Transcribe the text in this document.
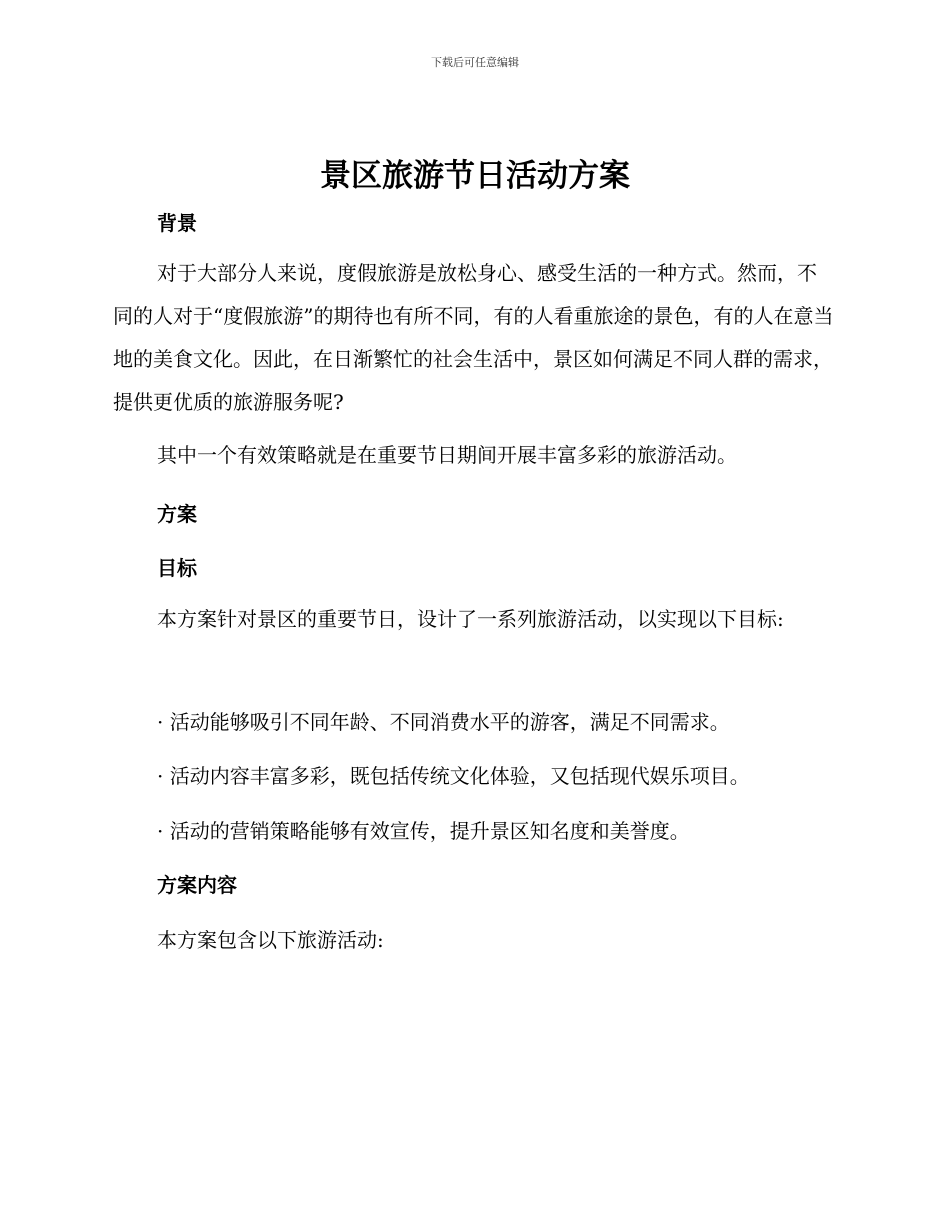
下载后可任意编辑
景区旅游节日活动方案
背景

对于大部分人来说，度假旅游是放松身心、感受生活的一种方式。然而，不同的人对于“度假旅游”的期待也有所不同，有的人看重旅途的景色，有的人在意当地的美食文化。因此，在日渐繁忙的社会生活中，景区如何满足不同人群的需求，提供更优质的旅游服务呢?

其中一个有效策略就是在重要节日期间开展丰富多彩的旅游活动。

方案
目标

本方案针对景区的重要节日，设计了一系列旅游活动，以实现以下目标:

· 活动能够吸引不同年龄、不同消费水平的游客，满足不同需求。
· 活动内容丰富多彩，既包括传统文化体验，又包括现代娱乐项目。
· 活动的营销策略能够有效宣传，提升景区知名度和美誉度。
方案内容
本方案包含以下旅游活动:
